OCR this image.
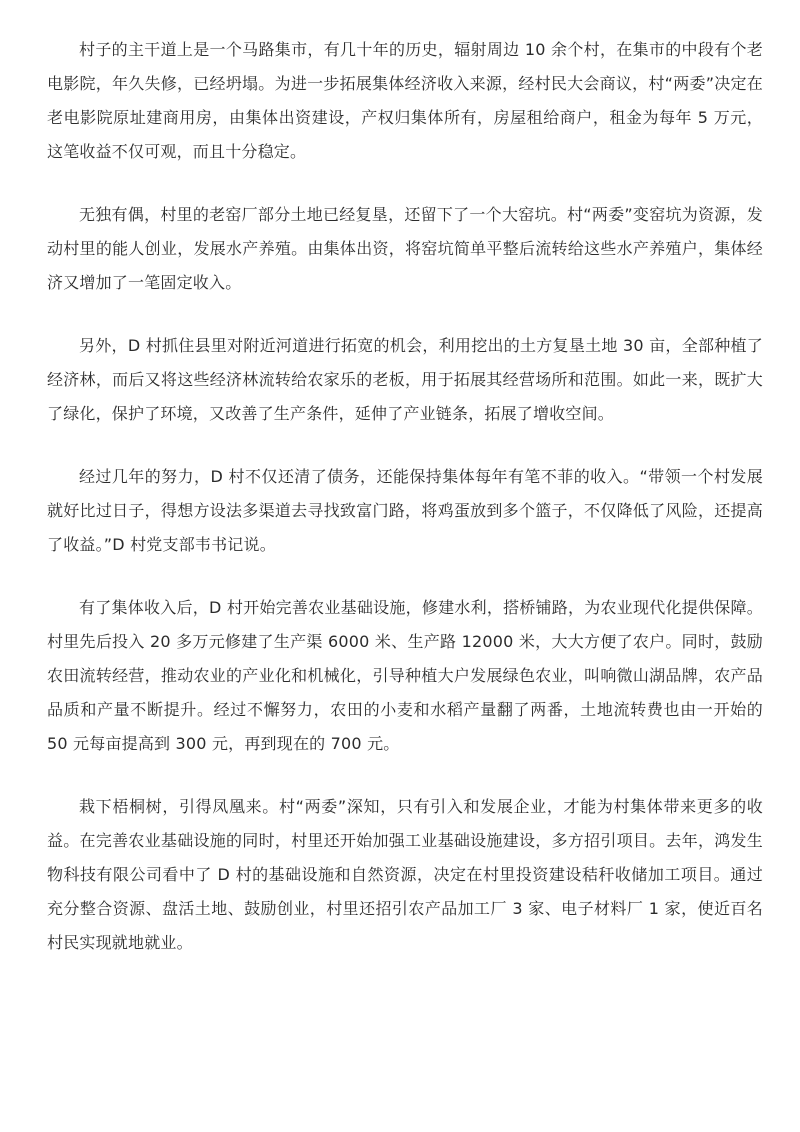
村子的主干道上是一个马路集市，有几十年的历史，辐射周边 10 余个村，在集市的中段有个老电影院，年久失修，已经坍塌。为进一步拓展集体经济收入来源，经村民大会商议，村“两委”决定在老电影院原址建商用房，由集体出资建设，产权归集体所有，房屋租给商户，租金为每年 5 万元，这笔收益不仅可观，而且十分稳定。

无独有偶，村里的老窑厂部分土地已经复垦，还留下了一个大窑坑。村“两委”变窑坑为资源，发动村里的能人创业，发展水产养殖。由集体出资，将窑坑简单平整后流转给这些水产养殖户，集体经济又增加了一笔固定收入。

另外，D 村抓住县里对附近河道进行拓宽的机会，利用挖出的土方复垦土地 30 亩，全部种植了经济林，而后又将这些经济林流转给农家乐的老板，用于拓展其经营场所和范围。如此一来，既扩大了绿化，保护了环境，又改善了生产条件，延伸了产业链条，拓展了增收空间。

经过几年的努力，D 村不仅还清了债务，还能保持集体每年有笔不菲的收入。“带领一个村发展就好比过日子，得想方设法多渠道去寻找致富门路，将鸡蛋放到多个篮子，不仅降低了风险，还提高了收益。”D 村党支部韦书记说。

有了集体收入后，D 村开始完善农业基础设施，修建水利，搭桥铺路，为农业现代化提供保障。村里先后投入 20 多万元修建了生产渠 6000 米、生产路 12000 米，大大方便了农户。同时，鼓励农田流转经营，推动农业的产业化和机械化，引导种植大户发展绿色农业，叫响微山湖品牌，农产品品质和产量不断提升。经过不懈努力，农田的小麦和水稻产量翻了两番，土地流转费也由一开始的 50 元每亩提高到 300 元，再到现在的 700 元。

栽下梧桐树，引得凤凰来。村“两委”深知，只有引入和发展企业，才能为村集体带来更多的收益。在完善农业基础设施的同时，村里还开始加强工业基础设施建设，多方招引项目。去年，鸿发生物科技有限公司看中了 D 村的基础设施和自然资源，决定在村里投资建设秸秆收储加工项目。通过充分整合资源、盘活土地、鼓励创业，村里还招引农产品加工厂 3 家、电子材料厂 1 家，使近百名村民实现就地就业。
